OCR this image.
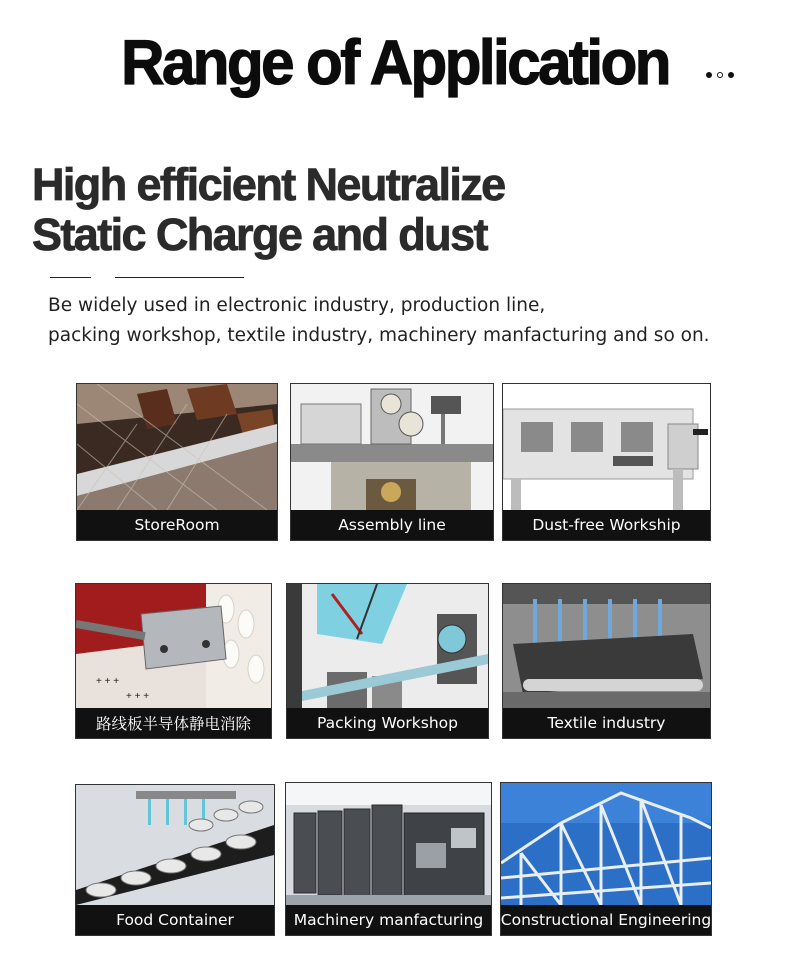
Range of Application
High efficient Neutralize
Static Charge and dust
Be widely used in electronic industry, production line,
packing workshop, textile industry, machinery manfacturing and so on.
StoreRoom	Assembly line	Dust-free Workship
+ + +
+ + +
路线板半导体静电消除	Packing Workshop	Textile industry
Food Container	Machinery manfacturing	Constructional Engineering
